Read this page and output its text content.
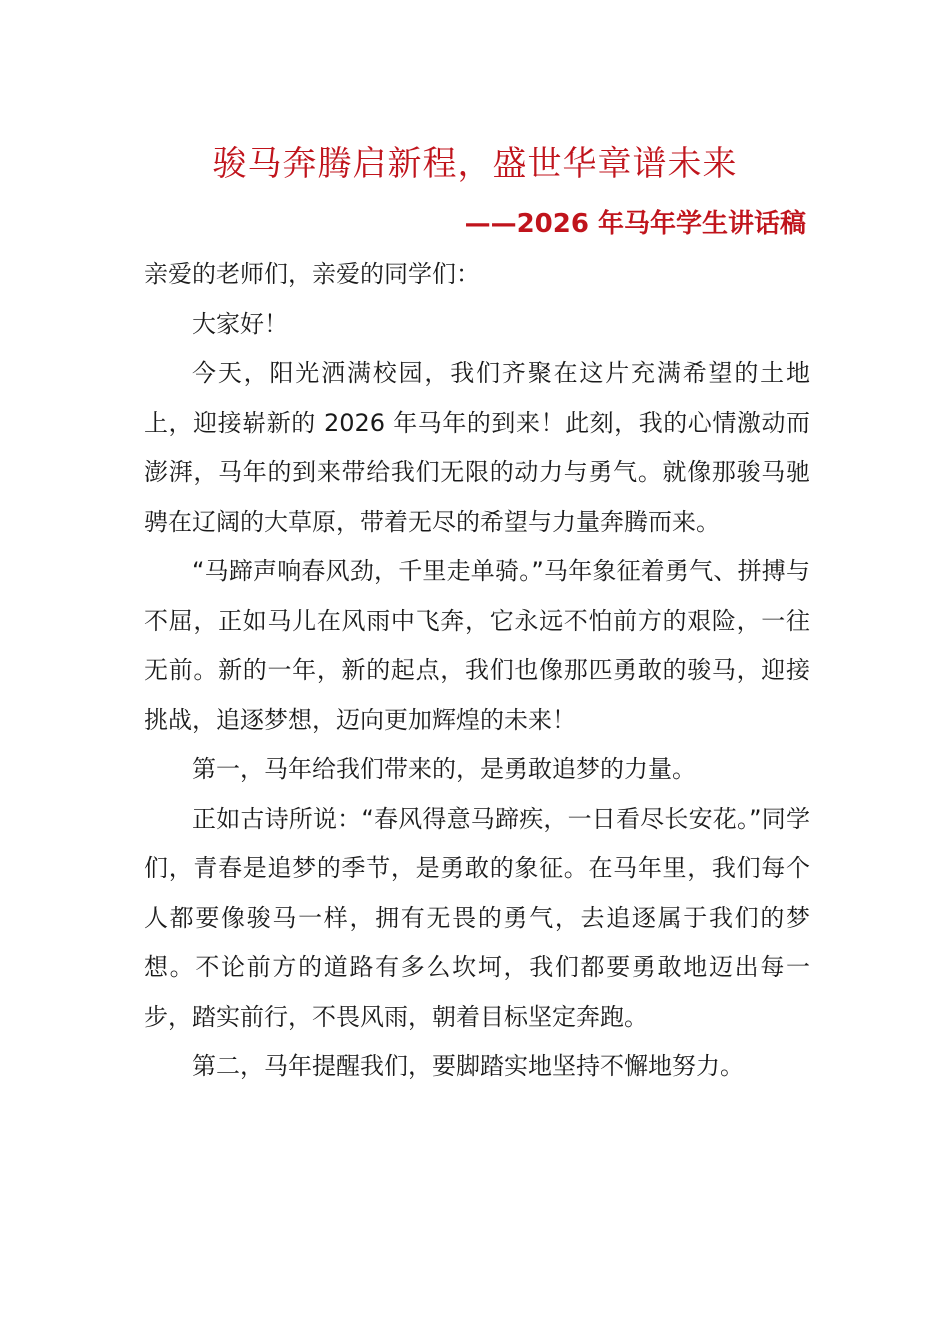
骏马奔腾启新程，盛世华章谱未来
——2026 年马年学生讲话稿

亲爱的老师们，亲爱的同学们：

大家好！

今天，阳光洒满校园，我们齐聚在这片充满希望的土地上，迎接崭新的 2026 年马年的到来！此刻，我的心情激动而澎湃，马年的到来带给我们无限的动力与勇气。就像那骏马驰骋在辽阔的大草原，带着无尽的希望与力量奔腾而来。

“马蹄声响春风劲，千里走单骑。”马年象征着勇气、拼搏与不屈，正如马儿在风雨中飞奔，它永远不怕前方的艰险，一往无前。新的一年，新的起点，我们也像那匹勇敢的骏马，迎接挑战，追逐梦想，迈向更加辉煌的未来！

第一，马年给我们带来的，是勇敢追梦的力量。

正如古诗所说：“春风得意马蹄疾，一日看尽长安花。”同学们，青春是追梦的季节，是勇敢的象征。在马年里，我们每个人都要像骏马一样，拥有无畏的勇气，去追逐属于我们的梦想。不论前方的道路有多么坎坷，我们都要勇敢地迈出每一步，踏实前行，不畏风雨，朝着目标坚定奔跑。

第二，马年提醒我们，要脚踏实地坚持不懈地努力。
